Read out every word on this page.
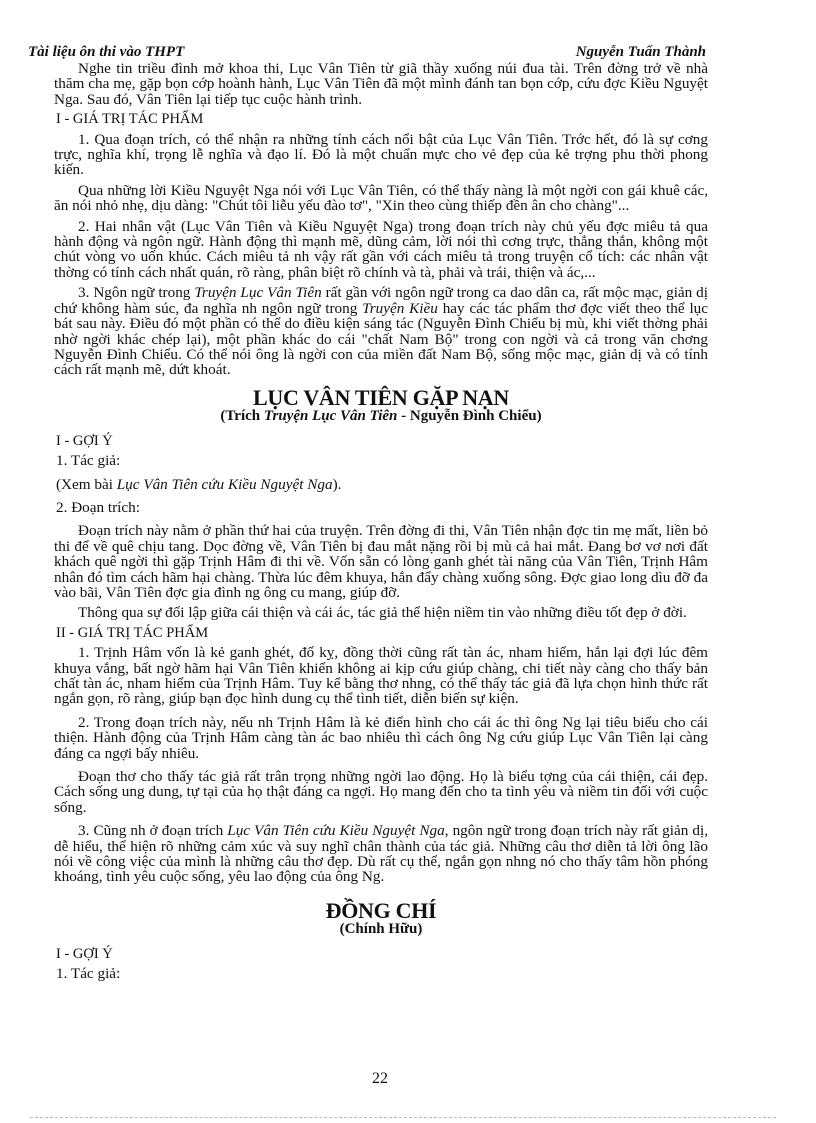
Tài liệu ôn thi vào THPT	Nguyễn Tuấn Thành

Nghe tin triều đình mở khoa thi, Lục Vân Tiên từ giã thầy xuống núi đua tài. Trên đờng trở về nhà thăm cha mẹ, gặp bọn cớp hoành hành, Lục Vân Tiên đã một mình đánh tan bọn cớp, cứu đợc Kiều Nguyệt Nga. Sau đó, Vân Tiên lại tiếp tục cuộc hành trình.

I - GIÁ TRỊ TÁC PHẨM

1. Qua đoạn trích, có thể nhận ra những tính cách nổi bật của Lục Vân Tiên. Trớc hết, đó là sự cơng trực, nghĩa khí, trọng lễ nghĩa và đạo lí. Đó là một chuẩn mực cho vẻ đẹp của kẻ trợng phu thời phong kiến.

Qua những lời Kiều Nguyệt Nga nói với Lục Vân Tiên, có thể thấy nàng là một ngời con gái khuê các, ăn nói nhỏ nhẹ, dịu dàng: "Chút tôi liễu yếu đào tơ", "Xin theo cùng thiếp đền ân cho chàng"...

2. Hai nhân vật (Lục Vân Tiên và Kiều Nguyệt Nga) trong đoạn trích này chủ yếu đợc miêu tả qua hành động và ngôn ngữ. Hành động thì mạnh mẽ, dũng cảm, lời nói thì cơng trực, thẳng thắn, không một chút vòng vo uốn khúc. Cách miêu tả nh vậy rất gần với cách miêu tả trong truyện cổ tích: các nhân vật thờng có tính cách nhất quán, rõ ràng, phân biệt rõ chính và tà, phải và trái, thiện và ác,...

3. Ngôn ngữ trong Truyện Lục Vân Tiên rất gần với ngôn ngữ trong ca dao dân ca, rất mộc mạc, giản dị chứ không hàm súc, đa nghĩa nh ngôn ngữ trong Truyện Kiều hay các tác phẩm thơ đợc viết theo thể lục bát sau này. Điều đó một phần có thể do điều kiện sáng tác (Nguyễn Đình Chiểu bị mù, khi viết thờng phải nhờ ngời khác chép lại), một phần khác do cái "chất Nam Bộ" trong con ngời và cả trong văn chơng Nguyễn Đình Chiểu. Có thể nói ông là ngời con của miền đất Nam Bộ, sống mộc mạc, giản dị và có tính cách rất mạnh mẽ, dứt khoát.

LỤC VÂN TIÊN GẶP NẠN
(Trích Truyện Lục Vân Tiên - Nguyễn Đình Chiểu)

I - GỢI Ý

1. Tác giả:

(Xem bài Lục Vân Tiên cứu Kiều Nguyệt Nga).

2. Đoạn trích:

Đoạn trích này nằm ở phần thứ hai của truyện. Trên đờng đi thi, Vân Tiên nhận đợc tin mẹ mất, liền bỏ thi để về quê chịu tang. Dọc đờng về, Vân Tiên bị đau mắt nặng rồi bị mù cả hai mắt. Đang bơ vơ nơi đất khách quê ngời thì gặp Trịnh Hâm đi thi về. Vốn sẵn có lòng ganh ghét tài năng của Vân Tiên, Trịnh Hâm nhân đó tìm cách hãm hại chàng. Thừa lúc đêm khuya, hắn đẩy chàng xuống sông. Đợc giao long dìu đỡ đa vào bãi, Vân Tiên đợc gia đình ng ông cu mang, giúp đỡ.

Thông qua sự đối lập giữa cái thiện và cái ác, tác giả thể hiện niềm tin vào những điều tốt đẹp ở đời.

II - GIÁ TRỊ TÁC PHẨM

1. Trịnh Hâm vốn là kẻ ganh ghét, đố kỵ, đồng thời cũng rất tàn ác, nham hiểm, hắn lại đợi lúc đêm khuya vắng, bất ngờ hãm hại Vân Tiên khiến không ai kịp cứu giúp chàng, chi tiết này càng cho thấy bản chất tàn ác, nham hiểm của Trịnh Hâm. Tuy kể bằng thơ nhng, có thể thấy tác giả đã lựa chọn hình thức rất ngắn gọn, rõ ràng, giúp bạn đọc hình dung cụ thể tình tiết, diễn biến sự kiện.

2. Trong đoạn trích này, nếu nh Trịnh Hâm là kẻ điển hình cho cái ác thì ông Ng lại tiêu biểu cho cái thiện. Hành động của Trịnh Hâm càng tàn ác bao nhiêu thì cách ông Ng cứu giúp Lục Vân Tiên lại càng đáng ca ngợi bấy nhiêu.

Đoạn thơ cho thấy tác giả rất trân trọng những ngời lao động. Họ là biểu tợng của cái thiện, cái đẹp. Cách sống ung dung, tự tại của họ thật đáng ca ngợi. Họ mang đến cho ta tình yêu và niềm tin đối với cuộc sống.

3. Cũng nh ở đoạn trích Lục Vân Tiên cứu Kiều Nguyệt Nga, ngôn ngữ trong đoạn trích này rất giản dị, dễ hiểu, thể hiện rõ những cảm xúc và suy nghĩ chân thành của tác giả. Những câu thơ diễn tả lời ông lão nói về công việc của mình là những câu thơ đẹp. Dù rất cụ thể, ngắn gọn nhng nó cho thấy tâm hồn phóng khoáng, tình yêu cuộc sống, yêu lao động của ông Ng.

ĐỒNG CHÍ
(Chính Hữu)

I - GỢI Ý

1. Tác giả:

22
